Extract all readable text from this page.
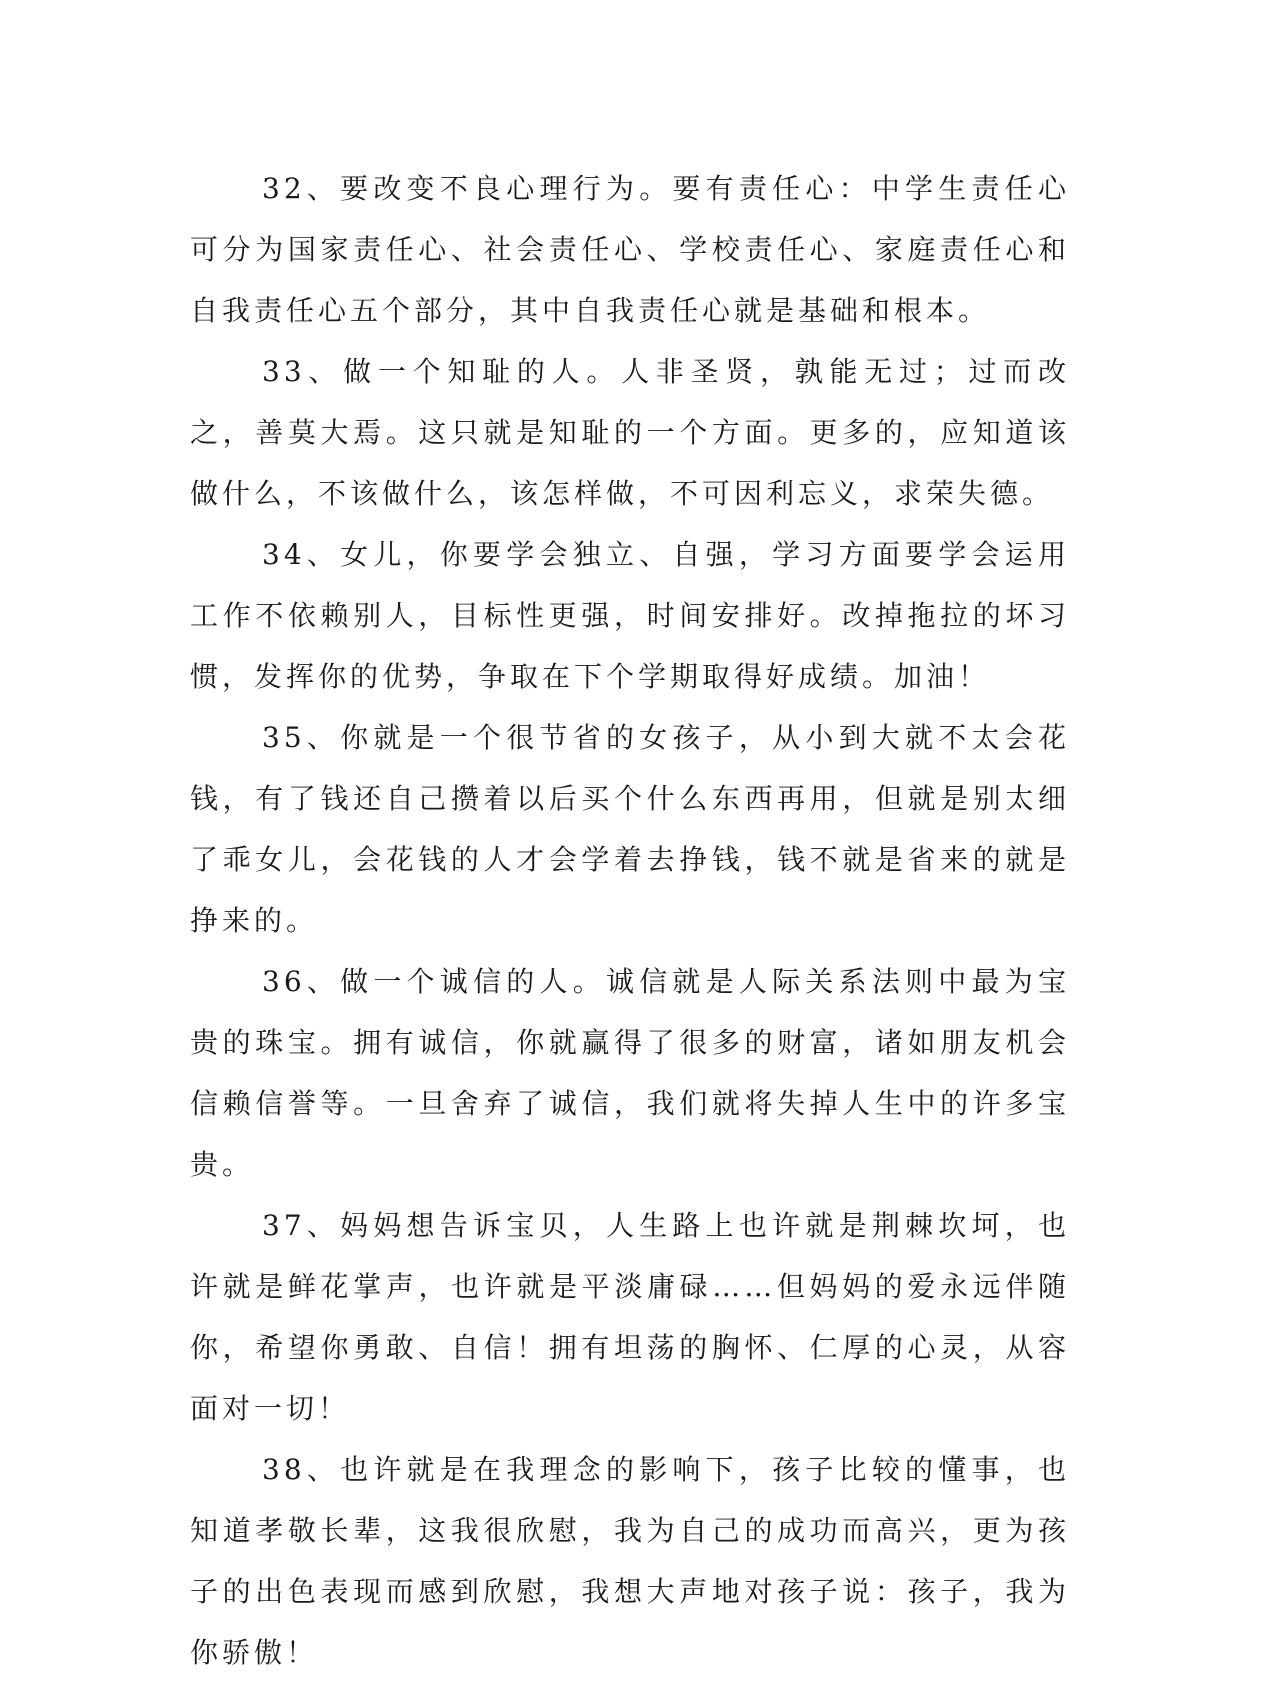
32、要改变不良心理行为。要有责任心：中学生责任心可分为国家责任心、社会责任心、学校责任心、家庭责任心和自我责任心五个部分，其中自我责任心就是基础和根本。

33、做一个知耻的人。人非圣贤，孰能无过；过而改之，善莫大焉。这只就是知耻的一个方面。更多的，应知道该做什么，不该做什么，该怎样做，不可因利忘义，求荣失德。

34、女儿，你要学会独立、自强，学习方面要学会运用工作不依赖别人，目标性更强，时间安排好。改掉拖拉的坏习惯，发挥你的优势，争取在下个学期取得好成绩。加油！

35、你就是一个很节省的女孩子，从小到大就不太会花钱，有了钱还自己攒着以后买个什么东西再用，但就是别太细了乖女儿，会花钱的人才会学着去挣钱，钱不就是省来的就是挣来的。

36、做一个诚信的人。诚信就是人际关系法则中最为宝贵的珠宝。拥有诚信，你就赢得了很多的财富，诸如朋友机会信赖信誉等。一旦舍弃了诚信，我们就将失掉人生中的许多宝贵。

37、妈妈想告诉宝贝，人生路上也许就是荆棘坎坷，也许就是鲜花掌声，也许就是平淡庸碌……但妈妈的爱永远伴随你，希望你勇敢、自信！拥有坦荡的胸怀、仁厚的心灵，从容面对一切！

38、也许就是在我理念的影响下，孩子比较的懂事，也知道孝敬长辈，这我很欣慰，我为自己的成功而高兴，更为孩子的出色表现而感到欣慰，我想大声地对孩子说：孩子，我为你骄傲！
